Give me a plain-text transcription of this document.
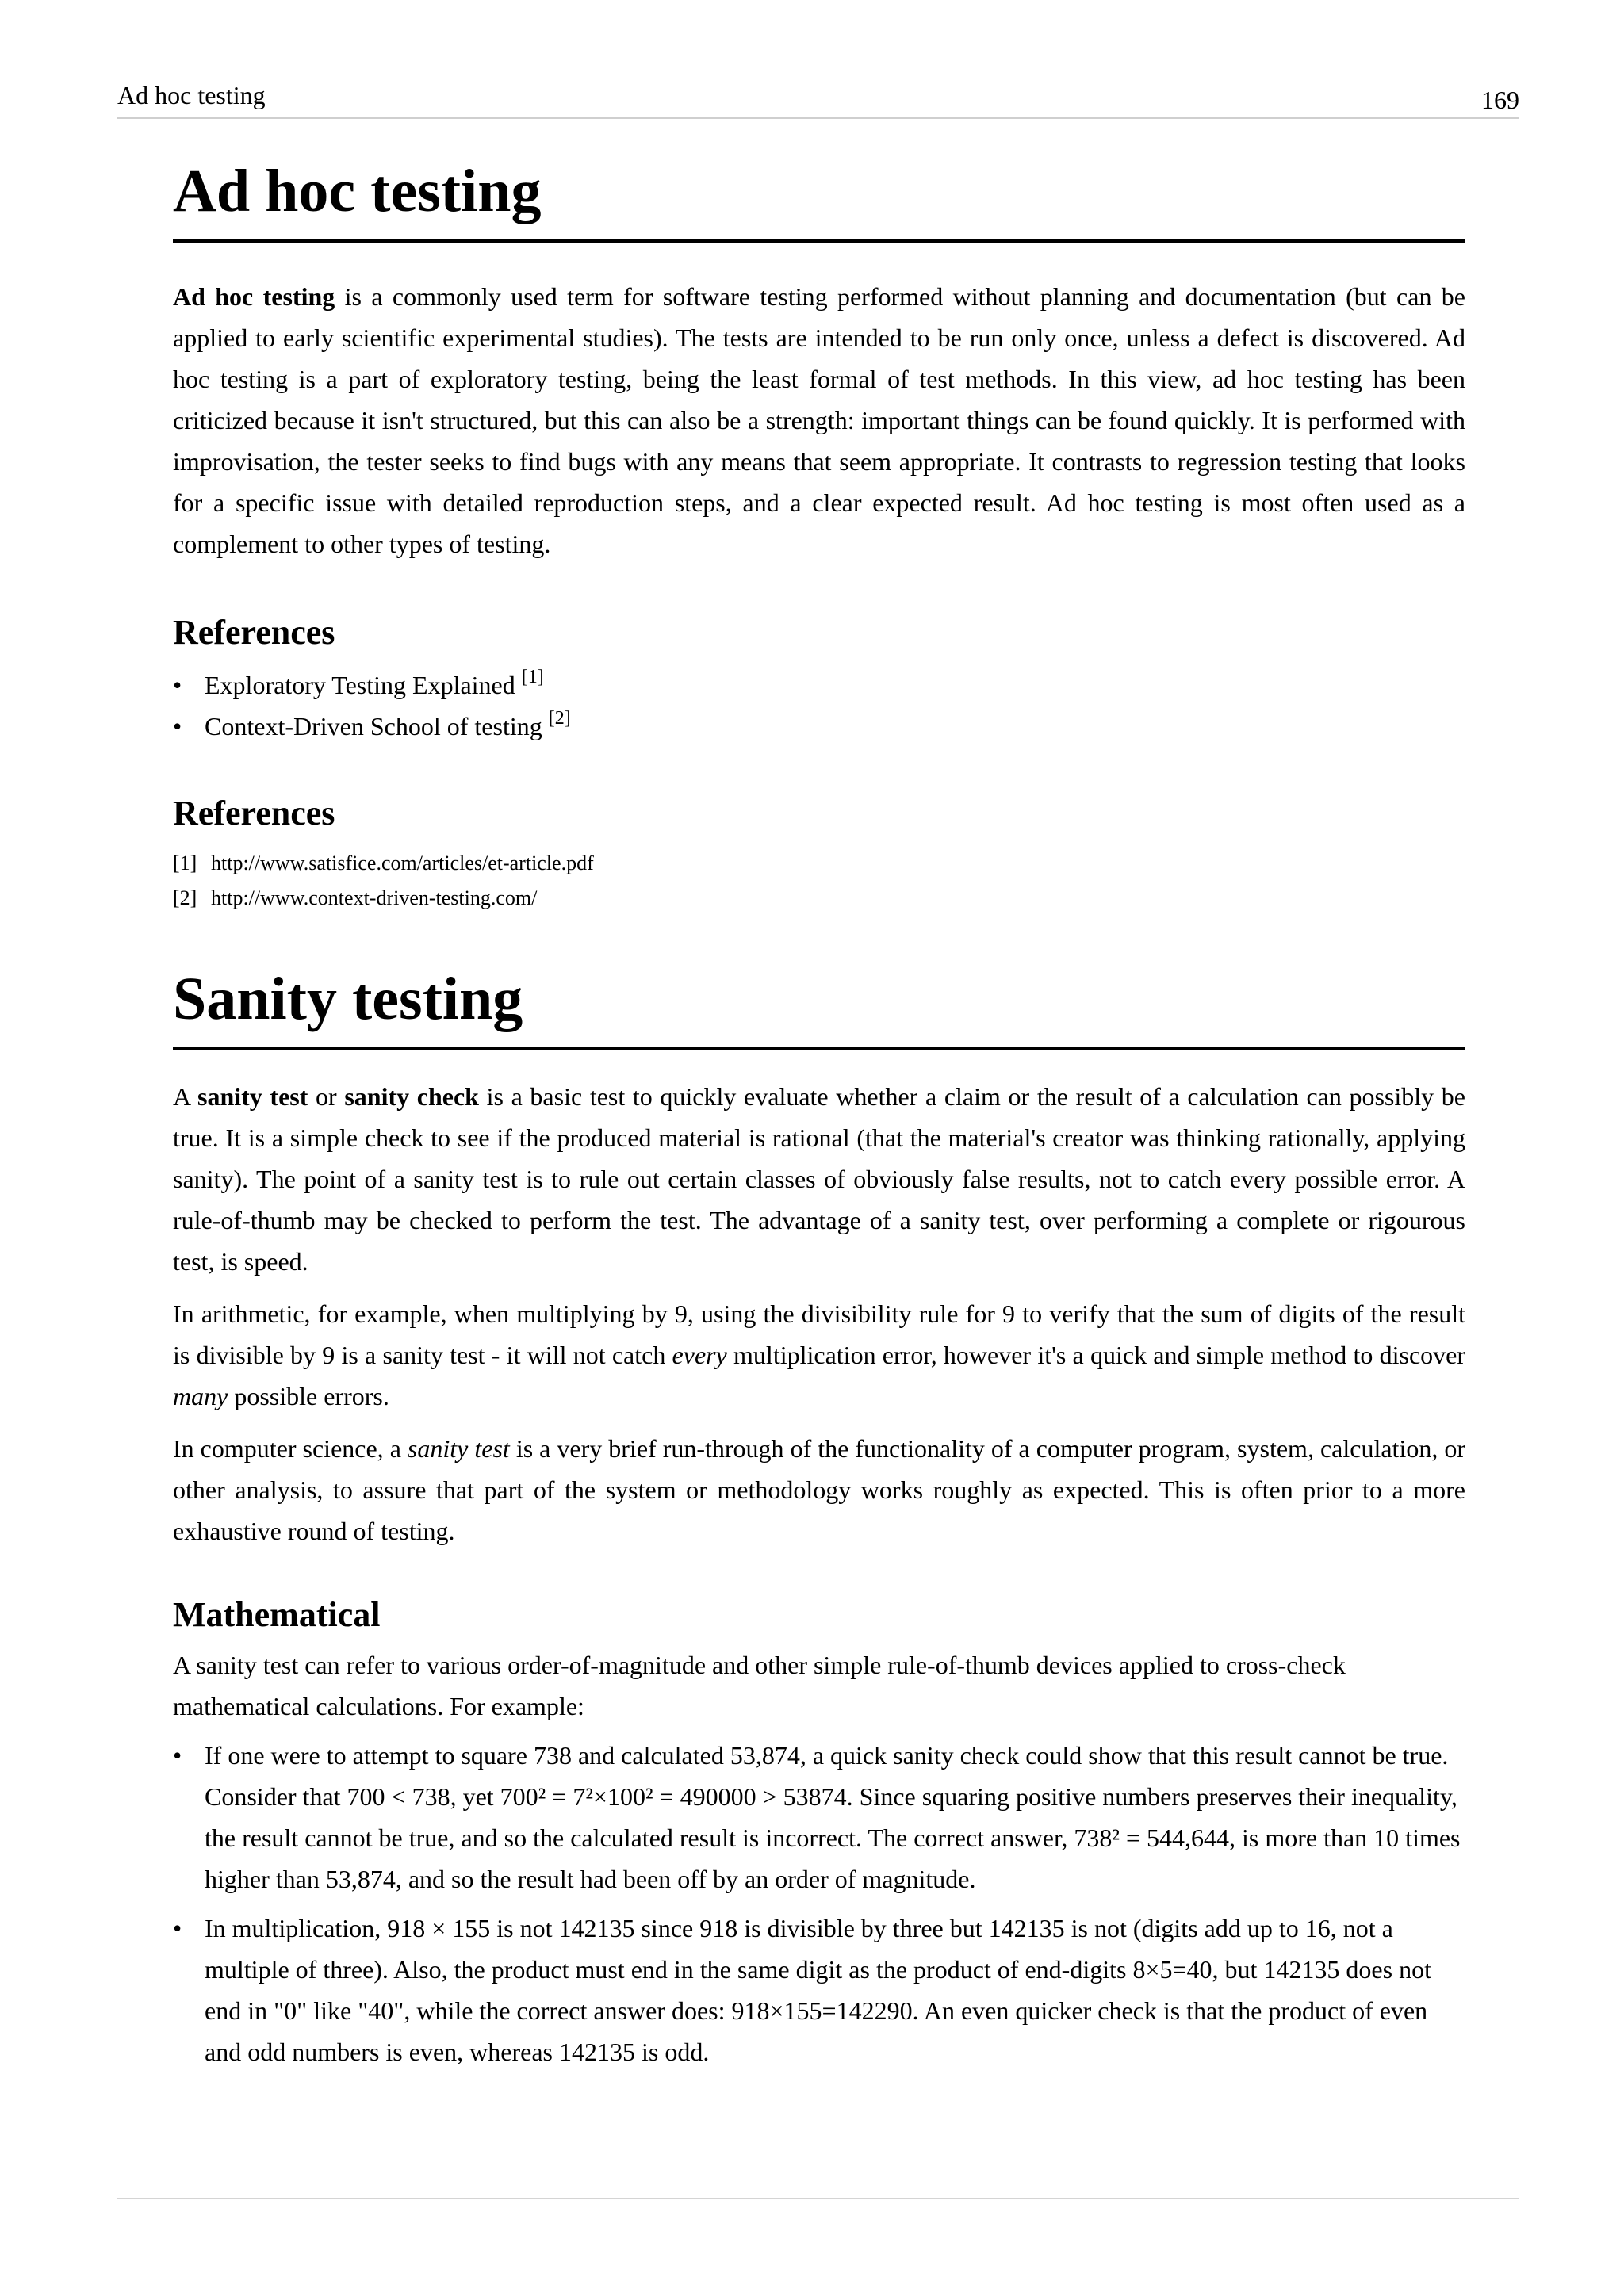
Ad hoc testing	169
Ad hoc testing

Ad hoc testing is a commonly used term for software testing performed without planning and documentation (but can be applied to early scientific experimental studies). The tests are intended to be run only once, unless a defect is discovered. Ad hoc testing is a part of exploratory testing, being the least formal of test methods. In this view, ad hoc testing has been criticized because it isn't structured, but this can also be a strength: important things can be found quickly. It is performed with improvisation, the tester seeks to find bugs with any means that seem appropriate. It contrasts to regression testing that looks for a specific issue with detailed reproduction steps, and a clear expected result. Ad hoc testing is most often used as a complement to other types of testing.

References
• Exploratory Testing Explained [1]
• Context-Driven School of testing [2]
References
[1] http://www.satisfice.com/articles/et-article.pdf
[2] http://www.context-driven-testing.com/
Sanity testing

A sanity test or sanity check is a basic test to quickly evaluate whether a claim or the result of a calculation can possibly be true. It is a simple check to see if the produced material is rational (that the material's creator was thinking rationally, applying sanity). The point of a sanity test is to rule out certain classes of obviously false results, not to catch every possible error. A rule-of-thumb may be checked to perform the test. The advantage of a sanity test, over performing a complete or rigourous test, is speed.

In arithmetic, for example, when multiplying by 9, using the divisibility rule for 9 to verify that the sum of digits of the result is divisible by 9 is a sanity test - it will not catch every multiplication error, however it's a quick and simple method to discover many possible errors.

In computer science, a sanity test is a very brief run-through of the functionality of a computer program, system, calculation, or other analysis, to assure that part of the system or methodology works roughly as expected. This is often prior to a more exhaustive round of testing.

Mathematical

A sanity test can refer to various order-of-magnitude and other simple rule-of-thumb devices applied to cross-check mathematical calculations. For example:

• If one were to attempt to square 738 and calculated 53,874, a quick sanity check could show that this result cannot be true. Consider that 700 < 738, yet 700² = 7²×100² = 490000 > 53874. Since squaring positive numbers preserves their inequality, the result cannot be true, and so the calculated result is incorrect. The correct answer, 738² = 544,644, is more than 10 times higher than 53,874, and so the result had been off by an order of magnitude.
• In multiplication, 918 × 155 is not 142135 since 918 is divisible by three but 142135 is not (digits add up to 16, not a multiple of three). Also, the product must end in the same digit as the product of end-digits 8×5=40, but 142135 does not end in "0" like "40", while the correct answer does: 918×155=142290. An even quicker check is that the product of even and odd numbers is even, whereas 142135 is odd.
